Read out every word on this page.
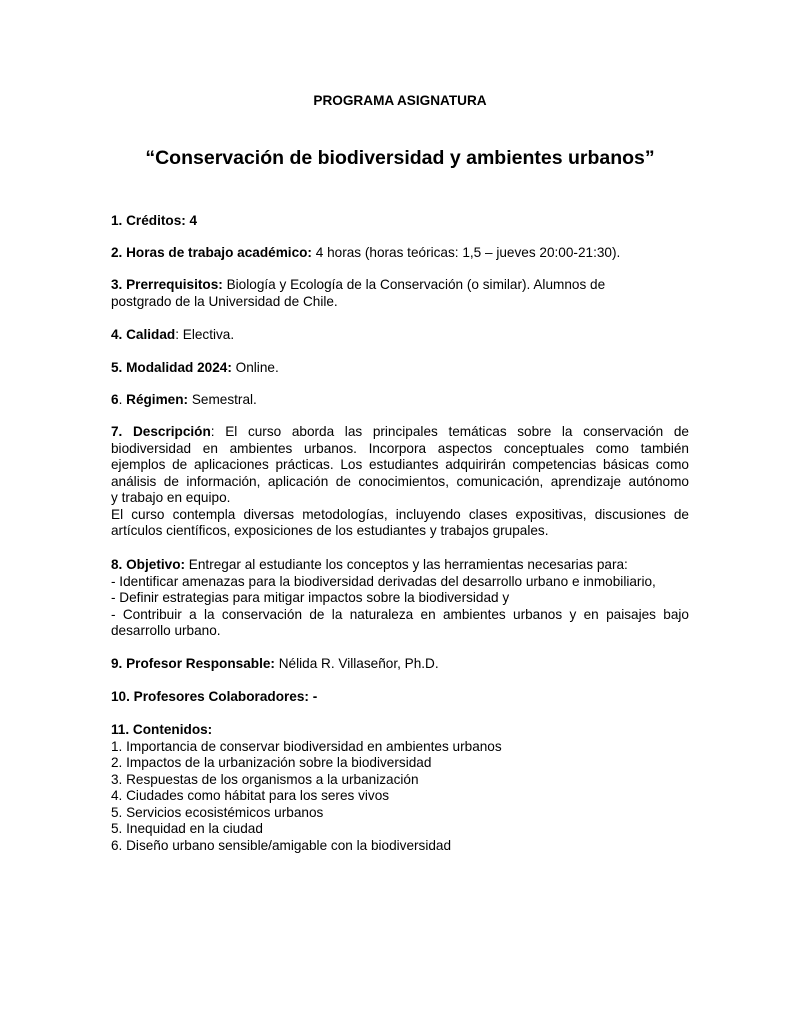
PROGRAMA ASIGNATURA
“Conservación de biodiversidad y ambientes urbanos”

1. Créditos: 4

2. Horas de trabajo académico: 4 horas (horas teóricas: 1,5 – jueves 20:00-21:30).

3. Prerrequisitos: Biología y Ecología de la Conservación (o similar). Alumnos de
postgrado de la Universidad de Chile.

4. Calidad: Electiva.

5. Modalidad 2024: Online.

6. Régimen: Semestral.

7. Descripción: El curso aborda las principales temáticas sobre la conservación de
biodiversidad en ambientes urbanos. Incorpora aspectos conceptuales como también
ejemplos de aplicaciones prácticas. Los estudiantes adquirirán competencias básicas como
análisis de información, aplicación de conocimientos, comunicación, aprendizaje autónomo
y trabajo en equipo.
El curso contempla diversas metodologías, incluyendo clases expositivas, discusiones de
artículos científicos, exposiciones de los estudiantes y trabajos grupales.

8. Objetivo: Entregar al estudiante los conceptos y las herramientas necesarias para:
- Identificar amenazas para la biodiversidad derivadas del desarrollo urbano e inmobiliario,
- Definir estrategias para mitigar impactos sobre la biodiversidad y
- Contribuir a la conservación de la naturaleza en ambientes urbanos y en paisajes bajo
desarrollo urbano.

9. Profesor Responsable: Nélida R. Villaseñor, Ph.D.

10. Profesores Colaboradores: -

11. Contenidos:
1. Importancia de conservar biodiversidad en ambientes urbanos
2. Impactos de la urbanización sobre la biodiversidad
3. Respuestas de los organismos a la urbanización
4. Ciudades como hábitat para los seres vivos
5. Servicios ecosistémicos urbanos
5. Inequidad en la ciudad
6. Diseño urbano sensible/amigable con la biodiversidad
